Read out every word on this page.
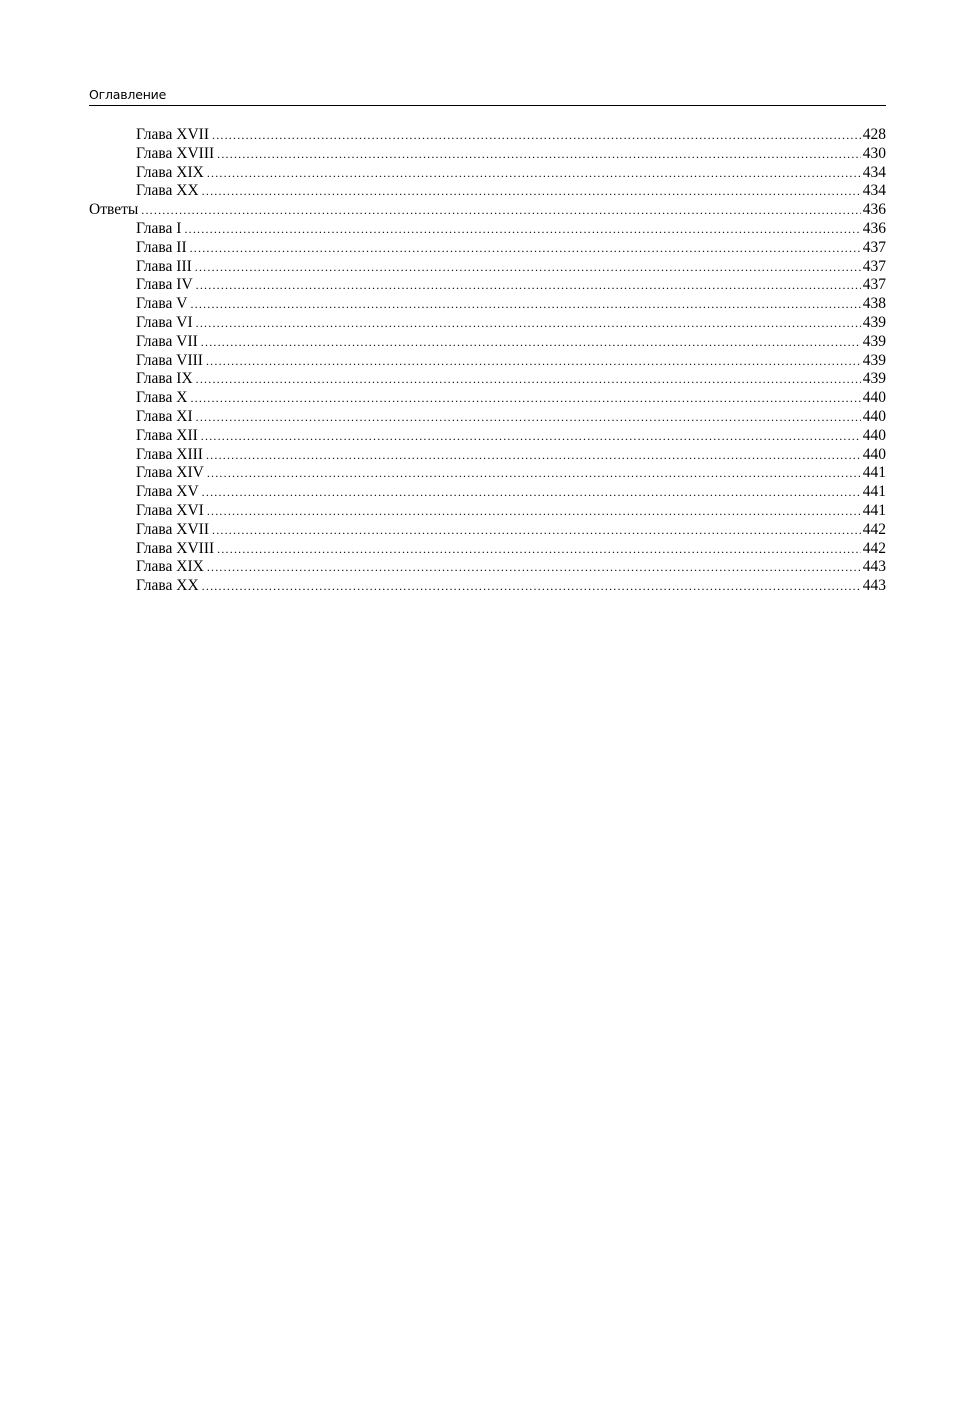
Оглавление
Глава XVII .....	428
Глава XVIII .....	430
Глава XIX .....	434
Глава XX .....	434
Ответы .....	436
Глава I .....	436
Глава II .....	437
Глава III .....	437
Глава IV .....	437
Глава V .....	438
Глава VI .....	439
Глава VII .....	439
Глава VIII .....	439
Глава IX .....	439
Глава X .....	440
Глава XI .....	440
Глава XII .....	440
Глава XIII .....	440
Глава XIV .....	441
Глава XV .....	441
Глава XVI .....	441
Глава XVII .....	442
Глава XVIII .....	442
Глава XIX .....	443
Глава XX .....	443
